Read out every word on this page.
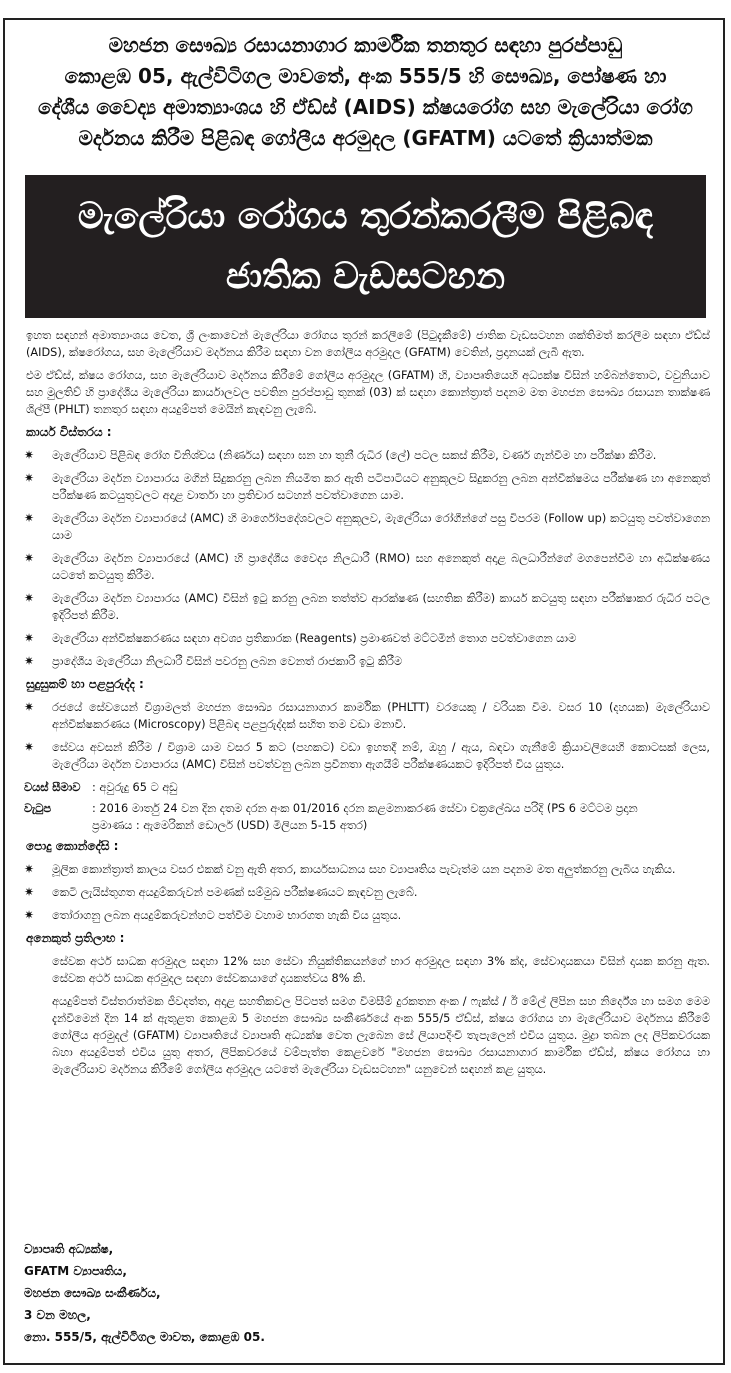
මහජන සෞඛ්‍ය රසායනාගාර කාර්මික තනතුර සඳහා පුරප්පාඩු
කොළඹ 05, ඇල්විටිගල මාවතේ, අංක 555/5 හි සෞඛ්‍ය, පෝෂණ හා
දේශීය වෛද්‍ය අමාත්‍යාංශය හි ඒඩ්ස් (AIDS) ක්ෂයරෝග සහ මැලේරියා රෝග
මර්දනය කිරීම පිළිබඳ ගෝලීය අරමුදල (GFATM) යටතේ ක්‍රියාත්මක
මැලේරියා රෝගය තුරන්කරලීම පිළිබඳ
ජාතික වැඩසටහන

ඉහත සඳහන් අමාත්‍යාංශය වෙත, ශ්‍රී ලංකාවෙන් මැලේරියා රෝගය තුරන් කරලීමේ (පිටුදැකීමේ) ජාතික වැඩසටහන ශක්තිමත් කරලීම සඳහා ඒඩ්ස් (AIDS), ක්ෂරෝගය, සහ මැලේරියාව මර්දනය කිරීම සඳහා වන ගෝලීය අරමුදල (GFATM) වෙතින්, ප්‍රදානයක් ලැබී ඇත.

එම ඒඩ්ස්, ක්ෂය රෝගය, සහ මැලේරියාව මර්දනය කිරීමේ ගෝලීය අරමුදල (GFATM) හි, ව්‍යාපෘතියෙහි අධ්‍යක්ෂ විසින් හම්බන්තොට, වවුනියාව සහ මුලතිව් හි ප්‍රාදේශීය මැලේරියා කාර්යාලවල පවතින පුරප්පාඩු තුනක් (03) ක් සඳහා කොන්ත්‍රාත් පදනම මත මහජන සෞඛ්‍ය රසායන තාක්ෂණ ශිල්පී (PHLT) තනතුර සඳහා අයදුම්පත් මෙයින් කැඳවනු ලැබේ.

කාර්ය විස්තරය :
✷ මැලේරියාව පිළිබඳ රෝග විනිශ්චය (නිර්ණය) සඳහා ඝන හා තුනී රුධිර (ලේ) පටල සකස් කිරීම, වර්ණ ගැන්වීම හා පරීක්ෂා කිරීම.
✷ මැලේරියා මර්දන ව්‍යාපාරය මගින් සිදුකරනු ලබන නියමිත කර ඇති පටිපාටියට අනුකූලව සිදුකරනු ලබන අන්වීක්ෂමය පරීක්ෂණ හා අනෙකුත් පරීක්ෂණ කටයුතුවලට අදාළ වාර්තා හා ප්‍රතිචාර සටහන් පවත්වාගෙන යාම.
✷ මැලේරියා මර්දන ව්‍යාපාරයේ (AMC) හි මාර්ගෝපදේශවලට අනුකූලව, මැලේරියා රෝගීන්ගේ පසු විපරම (Follow up) කටයුතු පවත්වාගෙන යාම
✷ මැලේරියා මර්දන ව්‍යාපාරයේ (AMC) හි ප්‍රාදේශීය වෛද්‍ය නිලධාරී (RMO) සහ අනෙකුත් අදාළ බලධාරීන්ගේ මගපෙන්වීම හා අධීක්ෂණය යටතේ කටයුතු කිරීම.
✷ මැලේරියා මර්දන ව්‍යාපාරය (AMC) විසින් ඉටු කරනු ලබන තත්ත්ව ආරක්ෂණ (සහතික කිරීම) කාර්ය කටයුතු සඳහා පරීක්ෂාකර රුධිර පටල ඉදිරිපත් කිරීම.
✷ මැලේරියා අන්වීක්ෂකරණය සඳහා අවශ්‍ය ප්‍රතිකාරක (Reagents) ප්‍රමාණවත් මට්ටමින් තොග පවත්වාගෙන යාම
✷ ප්‍රාදේශීය මැලේරියා නිලධාරී විසින් පවරනු ලබන වෙනත් රාජකාරි ඉටු කිරීම
සුදුසුකම් හා පළපුරුද්ද :
✷ රජයේ සේවයෙන් විශ්‍රාමලත් මහජන සෞඛ්‍ය රසායනාගාර කාර්මික (PHLTT) වරයෙකු / වරියක විම. වසර 10 (දහයක) මැලේරියාව අන්වීක්ෂකරණය (Microscopy) පිළිබඳ පළපුරුද්දක් සහිත තම වඩා මනාවි.
✷ සේවය අවසන් කිරීම / විශ්‍රාම යාම වසර 5 කට (පහකට) වඩා ඉහතදී නම්, ඔහු / ඇය, බඳවා ගැනීමේ ක්‍රියාවලියෙහි කොටසක් ලෙස, මැලේරියා මර්දන ව්‍යාපාරය (AMC) විසින් පවත්වනු ලබන ප්‍රවීනතා ඇගයීම් පරීක්ෂණයකට ඉදිරිපත් විය යුතුය.
වයස් සීමාව : අවුරුදු 65 ට අඩු
වැටුප	: 2016 මාර්තු 24 වන දින දතම දරන අංක 01/2016 දරන කළමනාකරණ සේවා චක්‍රලේඛය පරිදි (PS 6 මට්ටම ප්‍රදාන
ප්‍රමාණය : ඇමෙරිකන් ඩොලර් (USD) මිලියන 5-15 අතර)
පොදු කොන්දේසි :
✷ මූලික කොන්ත්‍රාත් කාලය වසර එකක් වනු ඇති අතර, කාර්යසාධනය සහ ව්‍යාපෘතිය පැවැත්ම යන පදනම මත අලුත්කරනු ලැබිය හැකිය.
✷ කෙටි ලැයිස්තුගත අයදුම්කරුවන් පමණක් සම්මුඛ පරීක්ෂණයට කැඳවනු ලැබේ.
✷ තෝරාගනු ලබන අයදුම්කරුවන්හට පත්වීම වහාම භාරගත හැකි විය යුතුය.
අනෙකුත් ප්‍රතිලාභ :

සේවක අර්ථ සාධක අරමුදල සඳහා 12% සහ සේවා නියුක්තිකයන්ගේ භාර අරමුදල සඳහා 3% ක්ද, සේවාදායකයා විසින් දායක කරනු ඇත. සේවක අර්ථ සාධක අරමුදල සඳහා සේවකයාගේ දායකත්වය 8% කි.

අයදුම්පත් විස්තරාත්මක ජීවදත්ත, අදාළ සහතිකවල පිටපත් සමග විමසීම් දුරකතන අංක / ෆැක්ස් / ඊ මේල් ලිපින සහ නිර්දේශ හා සමග මෙම දැන්වීමෙන් දින 14 ක් ඇතුළත කොළඹ 5 මහජන සෞඛ්‍ය සංකීර්ණයේ අංක 555/5 ඒඩ්ස්, ක්ෂය රෝගය හා මැලේරියාව මර්දනය කිරීමේ ගෝලීය අරමුදල් (GFATM) ව්‍යාපෘතියේ ව්‍යාපෘති අධ්‍යක්ෂ වෙත ලැබෙන සේ ලියාපදිංචි තැපැලෙන් එවිය යුතුය. මුද්‍රා තබන ලද ලිපිකවරයක බහා අයදුම්පත් එවිය යුතු අතර, ලිපිකවරයේ වම්පැත්ත කෙළවරේ "මහජන සෞඛ්‍ය රසායනාගාර කාර්මික ඒඩ්ස්, ක්ෂය රෝගය හා මැලේරියාව මර්දනය කිරීමේ ගෝලීය අරමුදල යටතේ මැලේරියා වැඩසටහන" යනුවෙන් සඳහන් කළ යුතුය.

ව්‍යාපෘති අධ්‍යක්ෂ,
GFATM ව්‍යාපෘතිය,
මහජන සෞඛ්‍ය සංකීර්ණය,
3 වන මහල,
නො. 555/5, ඇල්විටිගල මාවත, කොළඹ 05.
